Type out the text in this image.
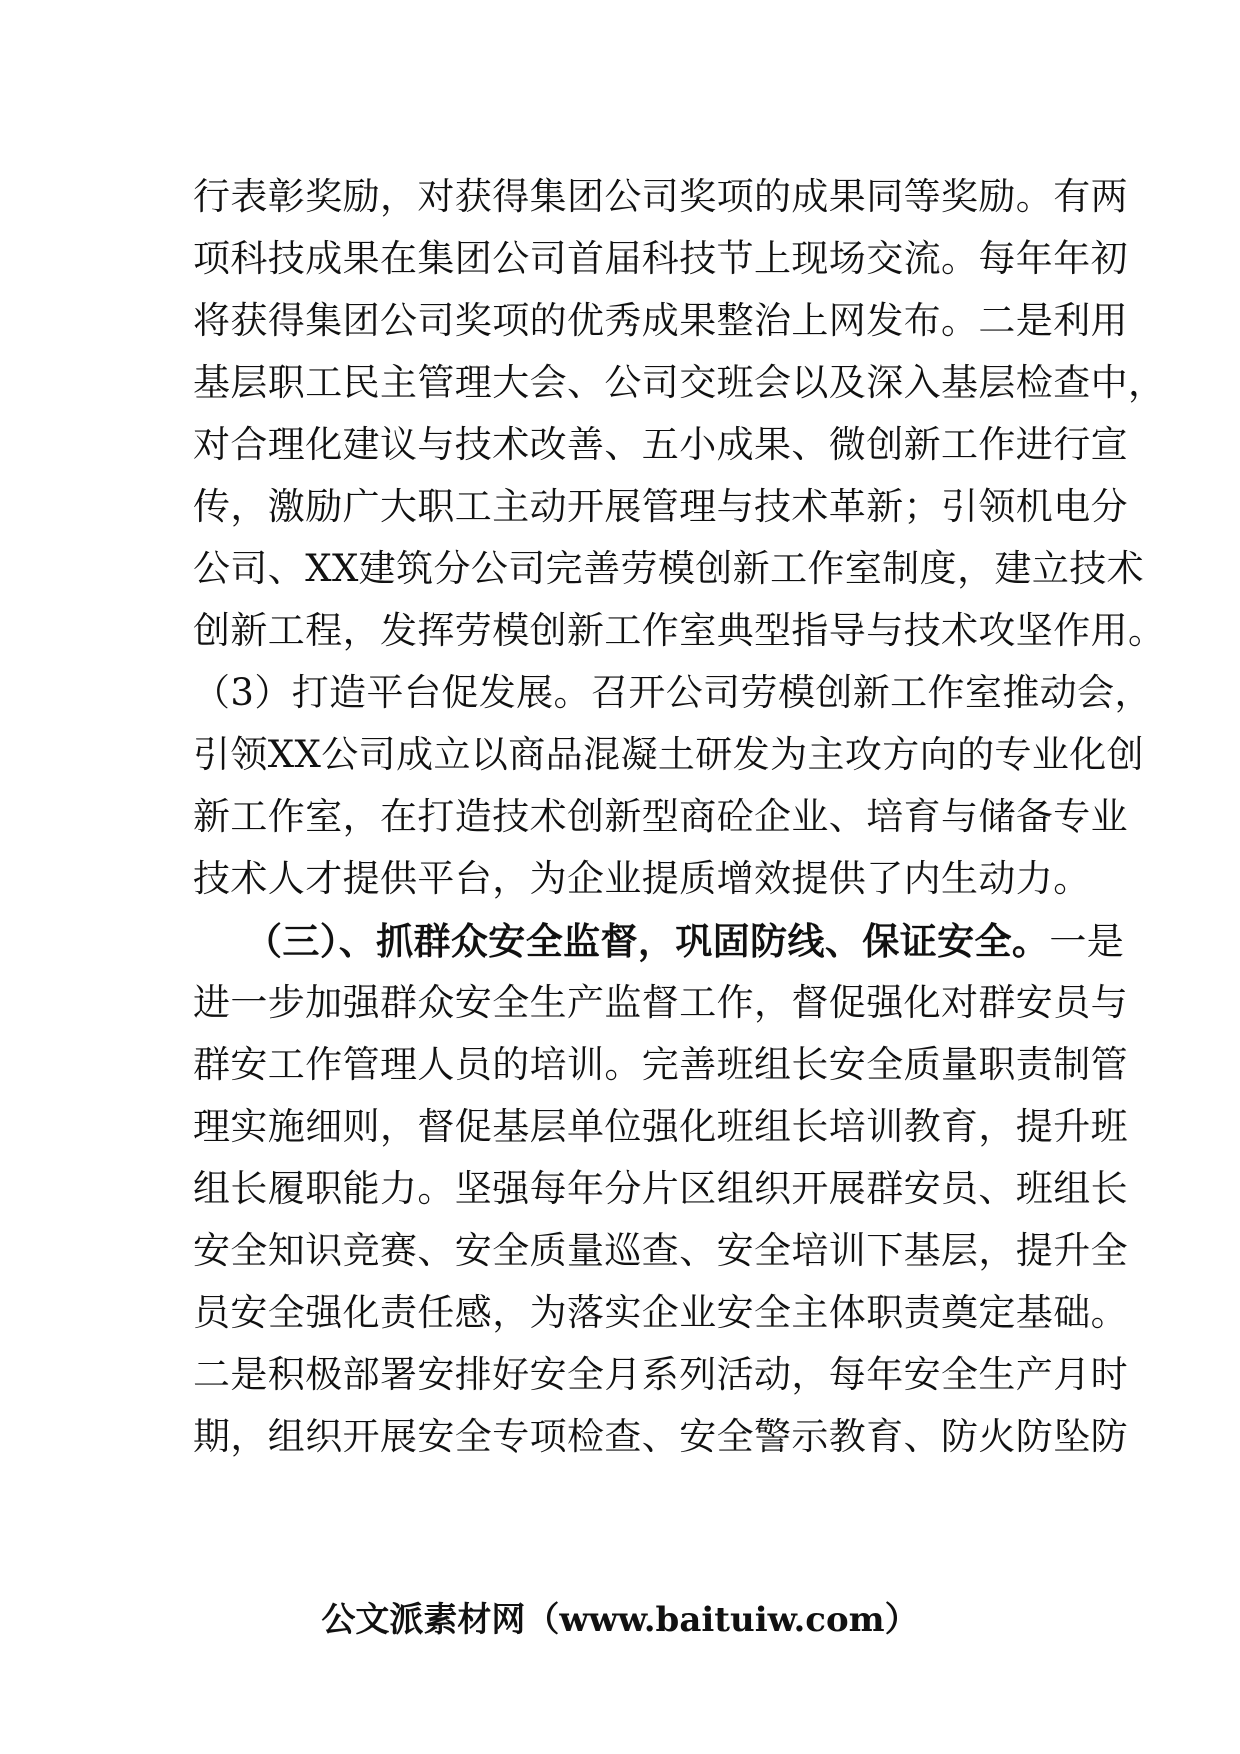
行表彰奖励，对获得集团公司奖项的成果同等奖励。有两
项科技成果在集团公司首届科技节上现场交流。每年年初
将获得集团公司奖项的优秀成果整治上网发布。二是利用
基层职工民主管理大会、公司交班会以及深入基层检查中，
对合理化建议与技术改善、五小成果、微创新工作进行宣
传，激励广大职工主动开展管理与技术革新；引领机电分
公司、XX建筑分公司完善劳模创新工作室制度，建立技术
创新工程，发挥劳模创新工作室典型指导与技术攻坚作用。
（3）打造平台促发展。召开公司劳模创新工作室推动会，
引领XX公司成立以商品混凝土研发为主攻方向的专业化创
新工作室，在打造技术创新型商砼企业、培育与储备专业
技术人才提供平台，为企业提质增效提供了内生动力。
（三）、抓群众安全监督，巩固防线、保证安全。一是
进一步加强群众安全生产监督工作，督促强化对群安员与
群安工作管理人员的培训。完善班组长安全质量职责制管
理实施细则，督促基层单位强化班组长培训教育，提升班
组长履职能力。坚强每年分片区组织开展群安员、班组长
安全知识竞赛、安全质量巡查、安全培训下基层，提升全
员安全强化责任感，为落实企业安全主体职责奠定基础。
二是积极部署安排好安全月系列活动，每年安全生产月时
期，组织开展安全专项检查、安全警示教育、防火防坠防
公文派素材网（www.baituiw.com）
